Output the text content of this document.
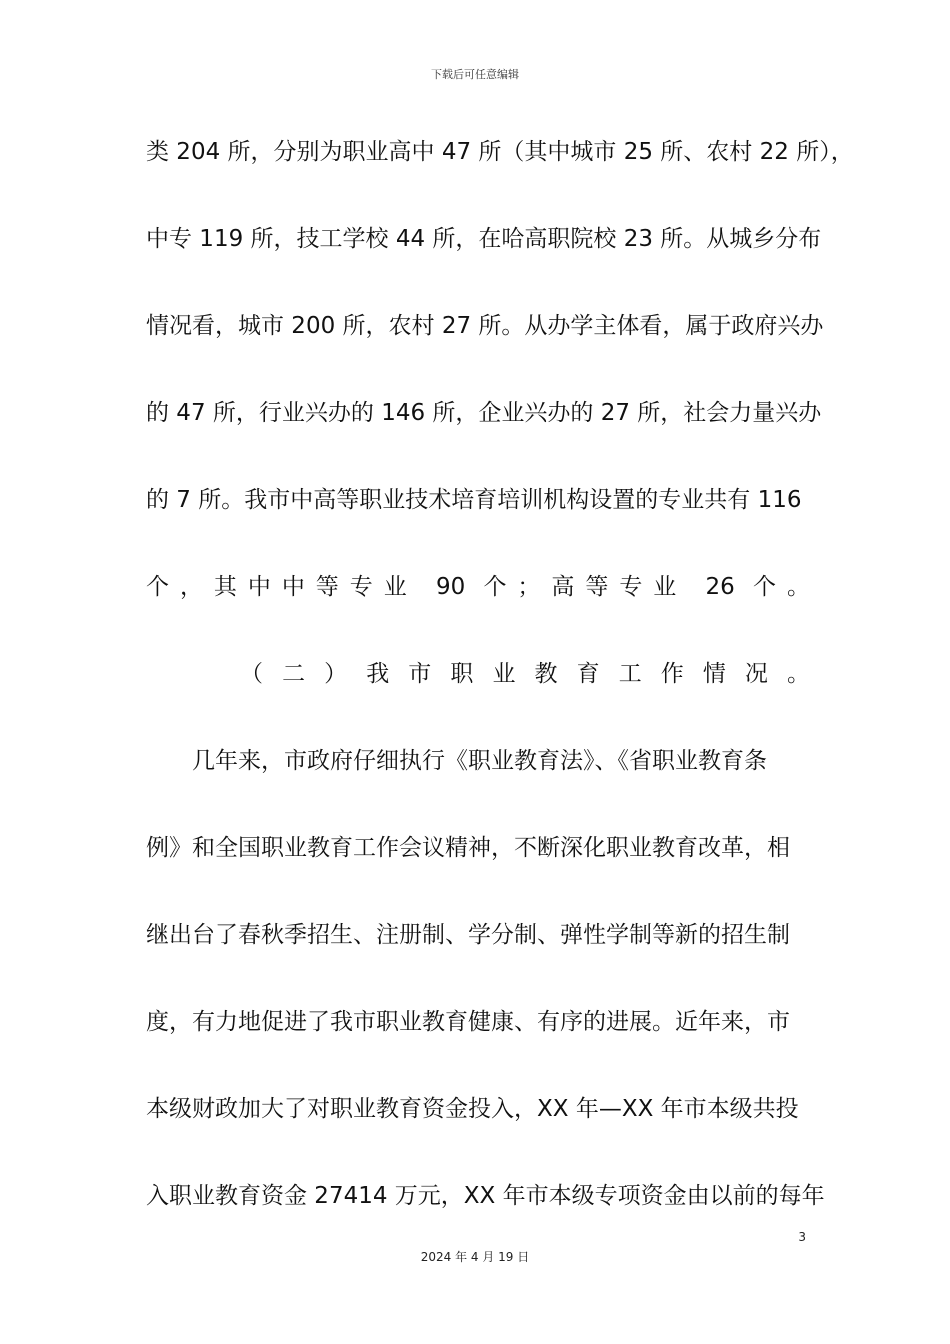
下载后可任意编辑
类 204 所，分别为职业高中 47 所（其中城市 25 所、农村 22 所），
中专 119 所，技工学校 44 所，在哈高职院校 23 所。从城乡分布
情况看，城市 200 所，农村 27 所。从办学主体看，属于政府兴办
的 47 所，行业兴办的 146 所，企业兴办的 27 所，社会力量兴办
的 7 所。我市中高等职业技术培育培训机构设置的专业共有 116
个，其中中等专业 90 个；高等专业 26 个。
（二）我市职业教育工作情况。
几年来，市政府仔细执行《职业教育法》、《省职业教育条
例》和全国职业教育工作会议精神，不断深化职业教育改革，相
继出台了春秋季招生、注册制、学分制、弹性学制等新的招生制
度，有力地促进了我市职业教育健康、有序的进展。近年来，市
本级财政加大了对职业教育资金投入，XX 年—XX 年市本级共投
入职业教育资金 27414 万元，XX 年市本级专项资金由以前的每年
3
2024 年 4 月 19 日
